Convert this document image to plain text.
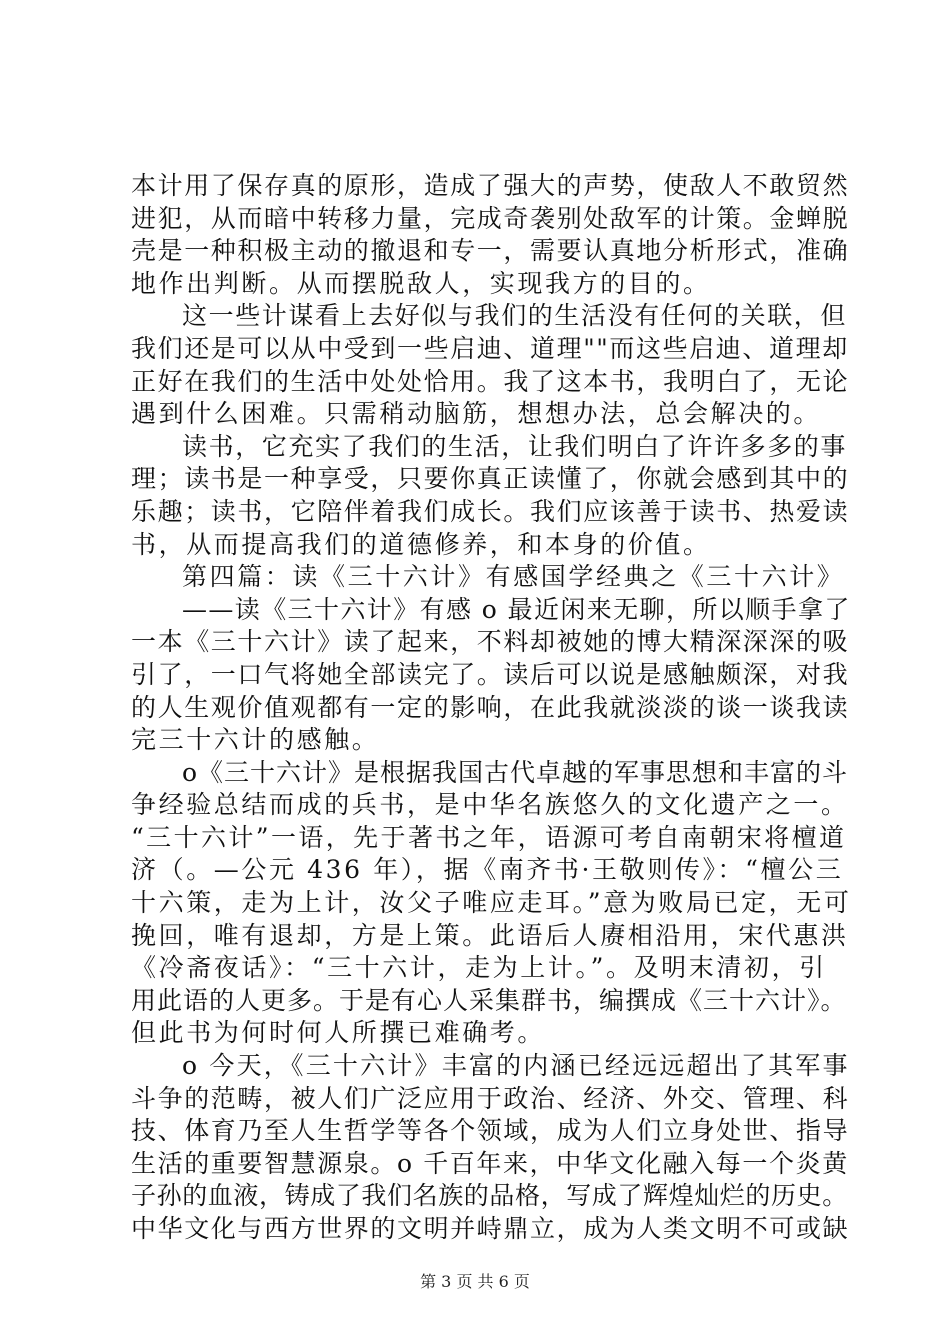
本计用了保存真的原形，造成了强大的声势，使敌人不敢贸然
进犯，从而暗中转移力量，完成奇袭别处敌军的计策。金蝉脱
壳是一种积极主动的撤退和专一，需要认真地分析形式，准确
地作出判断。从而摆脱敌人，实现我方的目的。
这一些计谋看上去好似与我们的生活没有任何的关联，但
我们还是可以从中受到一些启迪、道理""而这些启迪、道理却
正好在我们的生活中处处恰用。我了这本书，我明白了，无论
遇到什么困难。只需稍动脑筋，想想办法，总会解决的。
读书，它充实了我们的生活，让我们明白了许许多多的事
理；读书是一种享受，只要你真正读懂了，你就会感到其中的
乐趣；读书，它陪伴着我们成长。我们应该善于读书、热爱读
书，从而提高我们的道德修养，和本身的价值。
第四篇：读《三十六计》有感国学经典之《三十六计》
——读《三十六计》有感 o 最近闲来无聊，所以顺手拿了
一本《三十六计》读了起来，不料却被她的博大精深深深的吸
引了，一口气将她全部读完了。读后可以说是感触颇深，对我
的人生观价值观都有一定的影响，在此我就淡淡的谈一谈我读
完三十六计的感触。
o《三十六计》是根据我国古代卓越的军事思想和丰富的斗
争经验总结而成的兵书，是中华名族悠久的文化遗产之一。
“三十六计”一语，先于著书之年，语源可考自南朝宋将檀道
济（。—公元 436 年），据《南齐书·王敬则传》：“檀公三
十六策，走为上计，汝父子唯应走耳。”意为败局已定，无可
挽回，唯有退却，方是上策。此语后人赓相沿用，宋代惠洪
《冷斋夜话》：“三十六计，走为上计。”。及明末清初，引
用此语的人更多。于是有心人采集群书，编撰成《三十六计》。
但此书为何时何人所撰已难确考。
o 今天，《三十六计》丰富的内涵已经远远超出了其军事
斗争的范畴，被人们广泛应用于政治、经济、外交、管理、科
技、体育乃至人生哲学等各个领域，成为人们立身处世、指导
生活的重要智慧源泉。o 千百年来，中华文化融入每一个炎黄
子孙的血液，铸成了我们名族的品格，写成了辉煌灿烂的历史。
中华文化与西方世界的文明并峙鼎立，成为人类文明不可或缺
第 3 页 共 6 页
